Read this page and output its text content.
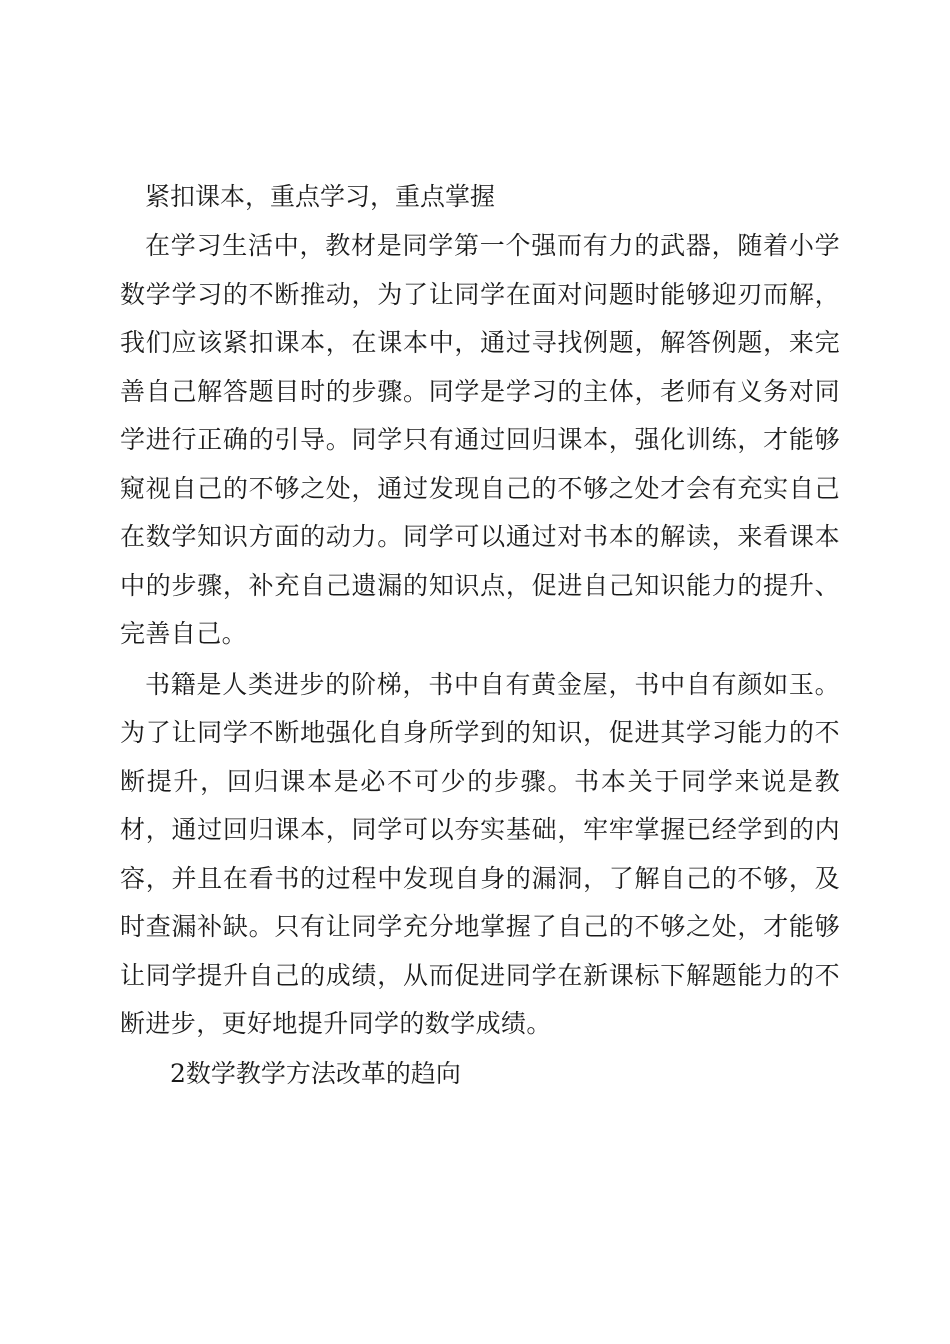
紧扣课本，重点学习，重点掌握

在学习生活中，教材是同学第一个强而有力的武器，随着小学数学学习的不断推动，为了让同学在面对问题时能够迎刃而解，我们应该紧扣课本，在课本中，通过寻找例题，解答例题，来完善自己解答题目时的步骤。同学是学习的主体，老师有义务对同学进行正确的引导。同学只有通过回归课本，强化训练，才能够窥视自己的不够之处，通过发现自己的不够之处才会有充实自己在数学知识方面的动力。同学可以通过对书本的解读，来看课本中的步骤，补充自己遗漏的知识点，促进自己知识能力的提升、完善自己。

书籍是人类进步的阶梯，书中自有黄金屋，书中自有颜如玉。为了让同学不断地强化自身所学到的知识，促进其学习能力的不断提升，回归课本是必不可少的步骤。书本关于同学来说是教材，通过回归课本，同学可以夯实基础，牢牢掌握已经学到的内容，并且在看书的过程中发现自身的漏洞，了解自己的不够，及时查漏补缺。只有让同学充分地掌握了自己的不够之处，才能够让同学提升自己的成绩，从而促进同学在新课标下解题能力的不断进步，更好地提升同学的数学成绩。

2数学教学方法改革的趋向
